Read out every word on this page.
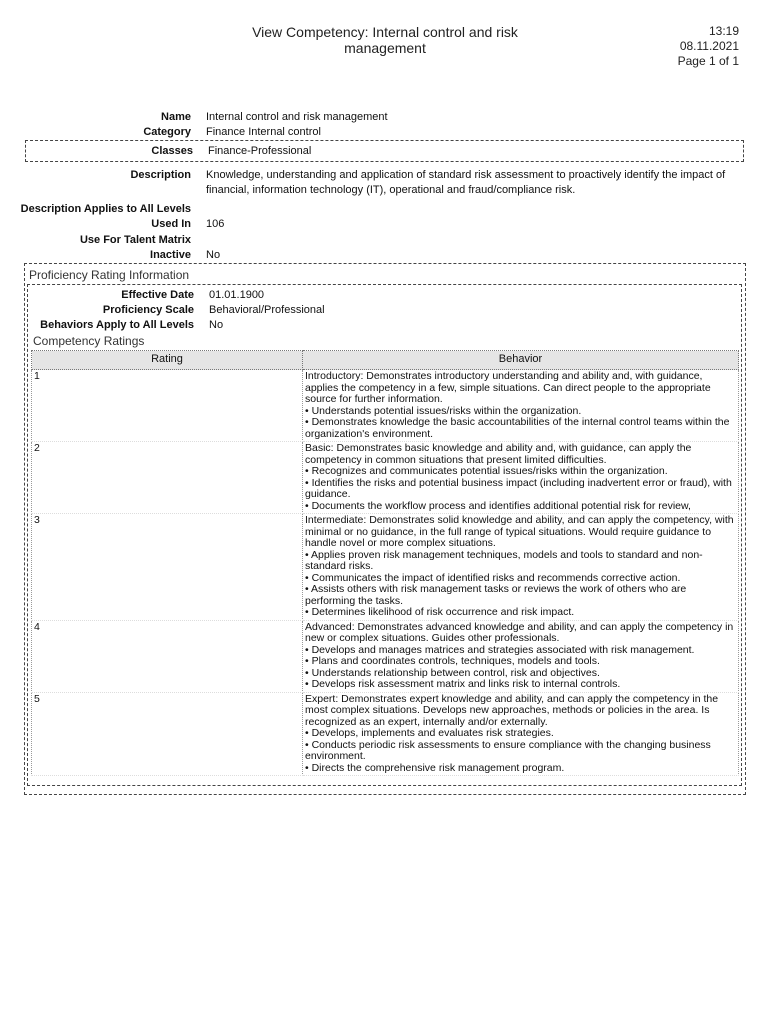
View Competency: Internal control and risk management
13:19
08.11.2021
Page 1 of 1
Name Internal control and risk management
Category Finance Internal control
Classes Finance-Professional
Description Knowledge, understanding and application of standard risk assessment to proactively identify the impact of financial, information technology (IT), operational and fraud/compliance risk.
Description Applies to All Levels
Used In 106
Use For Talent Matrix
Inactive No
Proficiency Rating Information
Effective Date 01.01.1900
Proficiency Scale Behavioral/Professional
Behaviors Apply to All Levels No
Competency Ratings
Rating	Behavior
1	Introductory: Demonstrates introductory understanding and ability and, with guidance, applies the competency in a few, simple situations. Can direct people to the appropriate source for further information.
• Understands potential issues/risks within the organization.
• Demonstrates knowledge the basic accountabilities of the internal control teams within the organization's environment.

2	Basic: Demonstrates basic knowledge and ability and, with guidance, can apply the competency in common situations that present limited difficulties.
• Recognizes and communicates potential issues/risks within the organization.
• Identifies the risks and potential business impact (including inadvertent error or fraud), with guidance.
• Documents the workflow process and identifies additional potential risk for review,

3	Intermediate: Demonstrates solid knowledge and ability, and can apply the competency, with minimal or no guidance, in the full range of typical situations. Would require guidance to handle novel or more complex situations.
• Applies proven risk management techniques, models and tools to standard and non-standard risks.
• Communicates the impact of identified risks and recommends corrective action.
• Assists others with risk management tasks or reviews the work of others who are performing the tasks.
• Determines likelihood of risk occurrence and risk impact.

4	Advanced: Demonstrates advanced knowledge and ability, and can apply the competency in new or complex situations. Guides other professionals.
• Develops and manages matrices and strategies associated with risk management.
• Plans and coordinates controls, techniques, models and tools.
• Understands relationship between control, risk and objectives.
• Develops risk assessment matrix and links risk to internal controls.

5	Expert: Demonstrates expert knowledge and ability, and can apply the competency in the most complex situations. Develops new approaches, methods or policies in the area. Is recognized as an expert, internally and/or externally.
• Develops, implements and evaluates risk strategies.
• Conducts periodic risk assessments to ensure compliance with the changing business environment.
• Directs the comprehensive risk management program.
